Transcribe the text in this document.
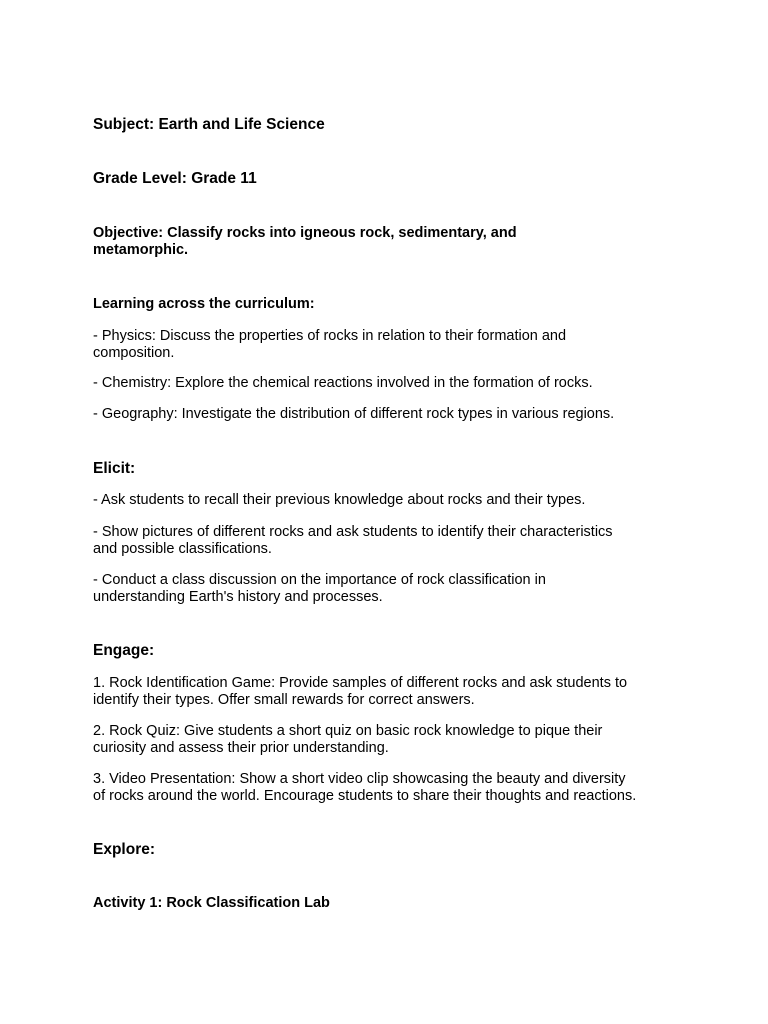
Subject: Earth and Life Science

Grade Level: Grade 11

Objective: Classify rocks into igneous rock, sedimentary, and
metamorphic.

Learning across the curriculum:

- Physics: Discuss the properties of rocks in relation to their formation and
composition.
- Chemistry: Explore the chemical reactions involved in the formation of rocks.
- Geography: Investigate the distribution of different rock types in various regions.

Elicit:

- Ask students to recall their previous knowledge about rocks and their types.
- Show pictures of different rocks and ask students to identify their characteristics
and possible classifications.
- Conduct a class discussion on the importance of rock classification in
understanding Earth's history and processes.

Engage:

1. Rock Identification Game: Provide samples of different rocks and ask students to
identify their types. Offer small rewards for correct answers.
2. Rock Quiz: Give students a short quiz on basic rock knowledge to pique their
curiosity and assess their prior understanding.
3. Video Presentation: Show a short video clip showcasing the beauty and diversity
of rocks around the world. Encourage students to share their thoughts and reactions.

Explore:

Activity 1: Rock Classification Lab
